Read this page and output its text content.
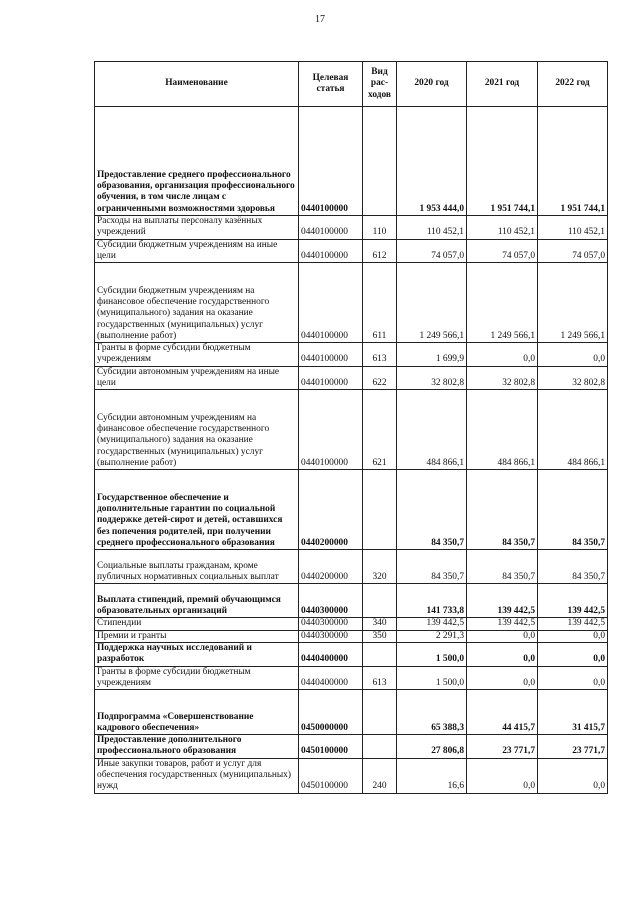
17
Наименование	Целевая статья	Вид рас-ходов	2020 год	2021 год	2022 год
Предоставление среднего профессионального образования, организация профессионального обучения, в том числе лицам с ограниченными возможностями здоровья	0440100000		1 953 444,0	1 951 744,1	1 951 744,1
Расходы на выплаты персоналу казённых учреждений	0440100000	110	110 452,1	110 452,1	110 452,1
Субсидии бюджетным учреждениям на иные цели	0440100000	612	74 057,0	74 057,0	74 057,0
Субсидии бюджетным учреждениям на финансовое обеспечение государственного (муниципального) задания на оказание государственных (муниципальных) услуг (выполнение работ)	0440100000	611	1 249 566,1	1 249 566,1	1 249 566,1
Гранты в форме субсидии бюджетным учреждениям	0440100000	613	1 699,9	0,0	0,0
Субсидии автономным учреждениям на иные цели	0440100000	622	32 802,8	32 802,8	32 802,8
Субсидии автономным учреждениям на финансовое обеспечение государственного (муниципального) задания на оказание государственных (муниципальных) услуг (выполнение работ)	0440100000	621	484 866,1	484 866,1	484 866,1
Государственное обеспечение и дополнительные гарантии по социальной поддержке детей-сирот и детей, оставшихся без попечения родителей, при получении среднего профессионального образования	0440200000		84 350,7	84 350,7	84 350,7
Социальные выплаты гражданам, кроме публичных нормативных социальных выплат	0440200000	320	84 350,7	84 350,7	84 350,7
Выплата стипендий, премий обучающимся образовательных организаций	0440300000		141 733,8	139 442,5	139 442,5
Стипендии	0440300000	340	139 442,5	139 442,5	139 442,5
Премии и гранты	0440300000	350	2 291,3	0,0	0,0
Поддержка научных исследований и разработок	0440400000		1 500,0	0,0	0,0
Гранты в форме субсидии бюджетным учреждениям	0440400000	613	1 500,0	0,0	0,0
Подпрограмма «Совершенствование кадрового обеспечения»	0450000000		65 388,3	44 415,7	31 415,7
Предоставление дополнительного профессионального образования	0450100000		27 806,8	23 771,7	23 771,7
Иные закупки товаров, работ и услуг для обеспечения государственных (муниципальных) нужд	0450100000	240	16,6	0,0	0,0
